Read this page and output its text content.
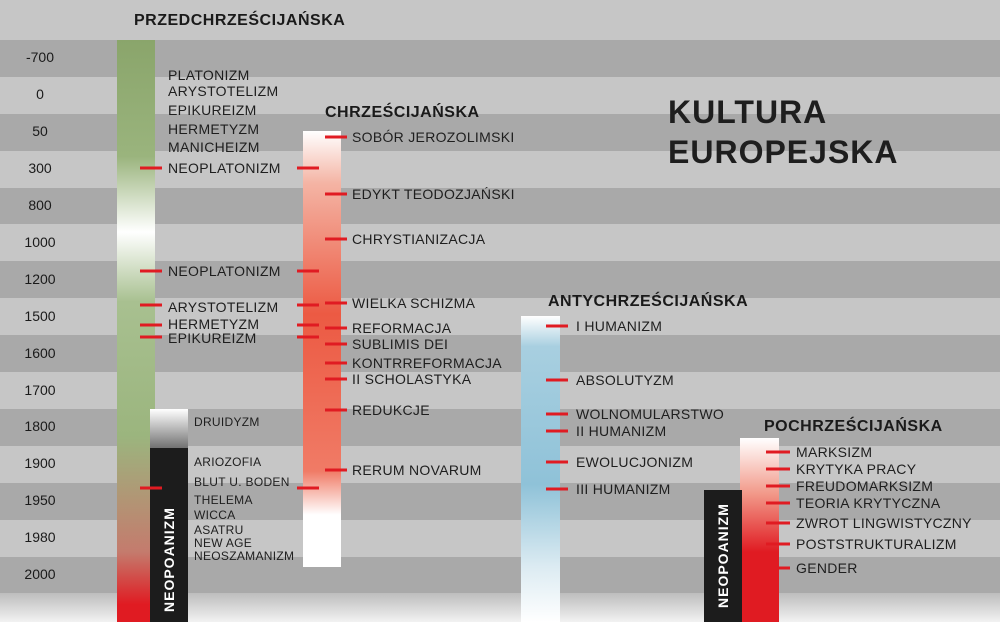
-700
0
50
300
800
1000
1200
1500
1600
1700
1800
1900
1950
1980
2000
KULTURA
EUROPEJSKA
PRZEDCHRZEŚCIJAŃSKA
CHRZEŚCIJAŃSKA
ANTYCHRZEŚCIJAŃSKA
POCHRZEŚCIJAŃSKA
NEOPOANIZM	NEOPOANIZM
PLATONIZM
ARYSTOTELIZM
EPIKUREIZM
HERMETYZM
MANICHEIZM
NEOPLATONIZM
NEOPLATONIZM
ARYSTOTELIZM
HERMETYZM
EPIKUREIZM
DRUIDYZM
ARIOZOFIA
BLUT U. BODEN
THELEMA
WICCA
ASATRU
NEW AGE
NEOSZAMANIZM
SOBÓR JEROZOLIMSKI
EDYKT TEODOZJAŃSKI
CHRYSTIANIZACJA
WIELKA SCHIZMA
REFORMACJA
SUBLIMIS DEI
KONTRREFORMACJA
II SCHOLASTYKA
REDUKCJE
RERUM NOVARUM
I HUMANIZM
ABSOLUTYZM
WOLNOMULARSTWO
II HUMANIZM
EWOLUCJONIZM
III HUMANIZM
MARKSIZM
KRYTYKA PRACY
FREUDOMARKSIZM
TEORIA KRYTYCZNA
ZWROT LINGWISTYCZNY
POSTSTRUKTURALIZM
GENDER
